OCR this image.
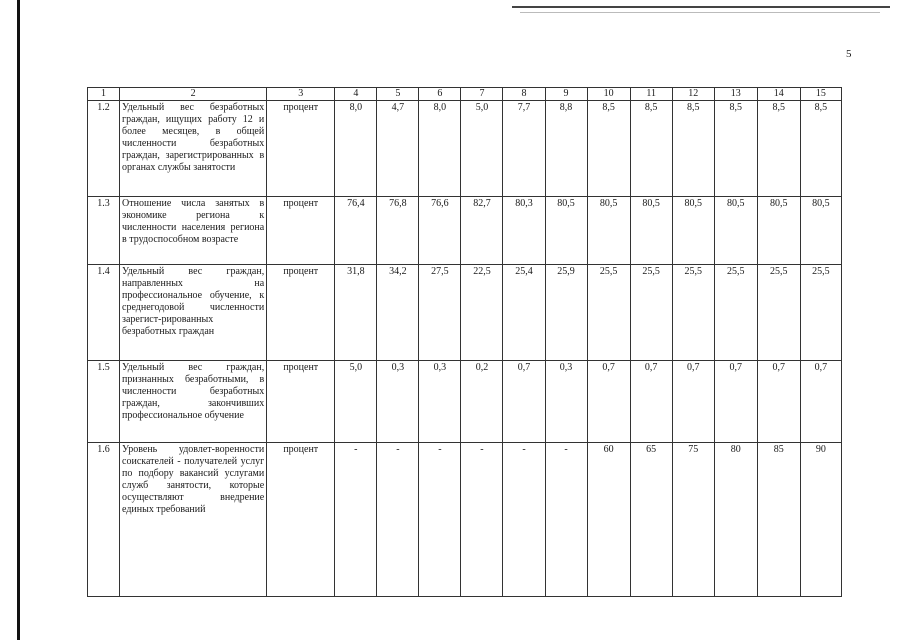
5
1	2	3	4	5	6	7	8	9	10	11	12	13	14	15
1.2	Удельный вес безработных граждан, ищущих работу 12 и более месяцев, в общей численности безработных граждан, зарегистрированных в органах службы занятости	процент	8,0	4,7	8,0	5,0	7,7	8,8	8,5	8,5	8,5	8,5	8,5	8,5
1.3	Отношение числа занятых в экономике региона к численности населения региона в трудоспособном возрасте	процент	76,4	76,8	76,6	82,7	80,3	80,5	80,5	80,5	80,5	80,5	80,5	80,5
1.4	Удельный вес граждан, направленных на профессиональное обучение, к среднегодовой численности зарегист-рированных безработных граждан	процент	31,8	34,2	27,5	22,5	25,4	25,9	25,5	25,5	25,5	25,5	25,5	25,5
1.5	Удельный вес граждан, признанных безработными, в численности безработных граждан, закончивших профессиональное обучение	процент	5,0	0,3	0,3	0,2	0,7	0,3	0,7	0,7	0,7	0,7	0,7	0,7
1.6	Уровень удовлет-воренности соискателей - получателей услуг по подбору вакансий услугами служб занятости, которые осуществляют внедрение единых требований	процент	-	-	-	-	-	-	60	65	75	80	85	90
